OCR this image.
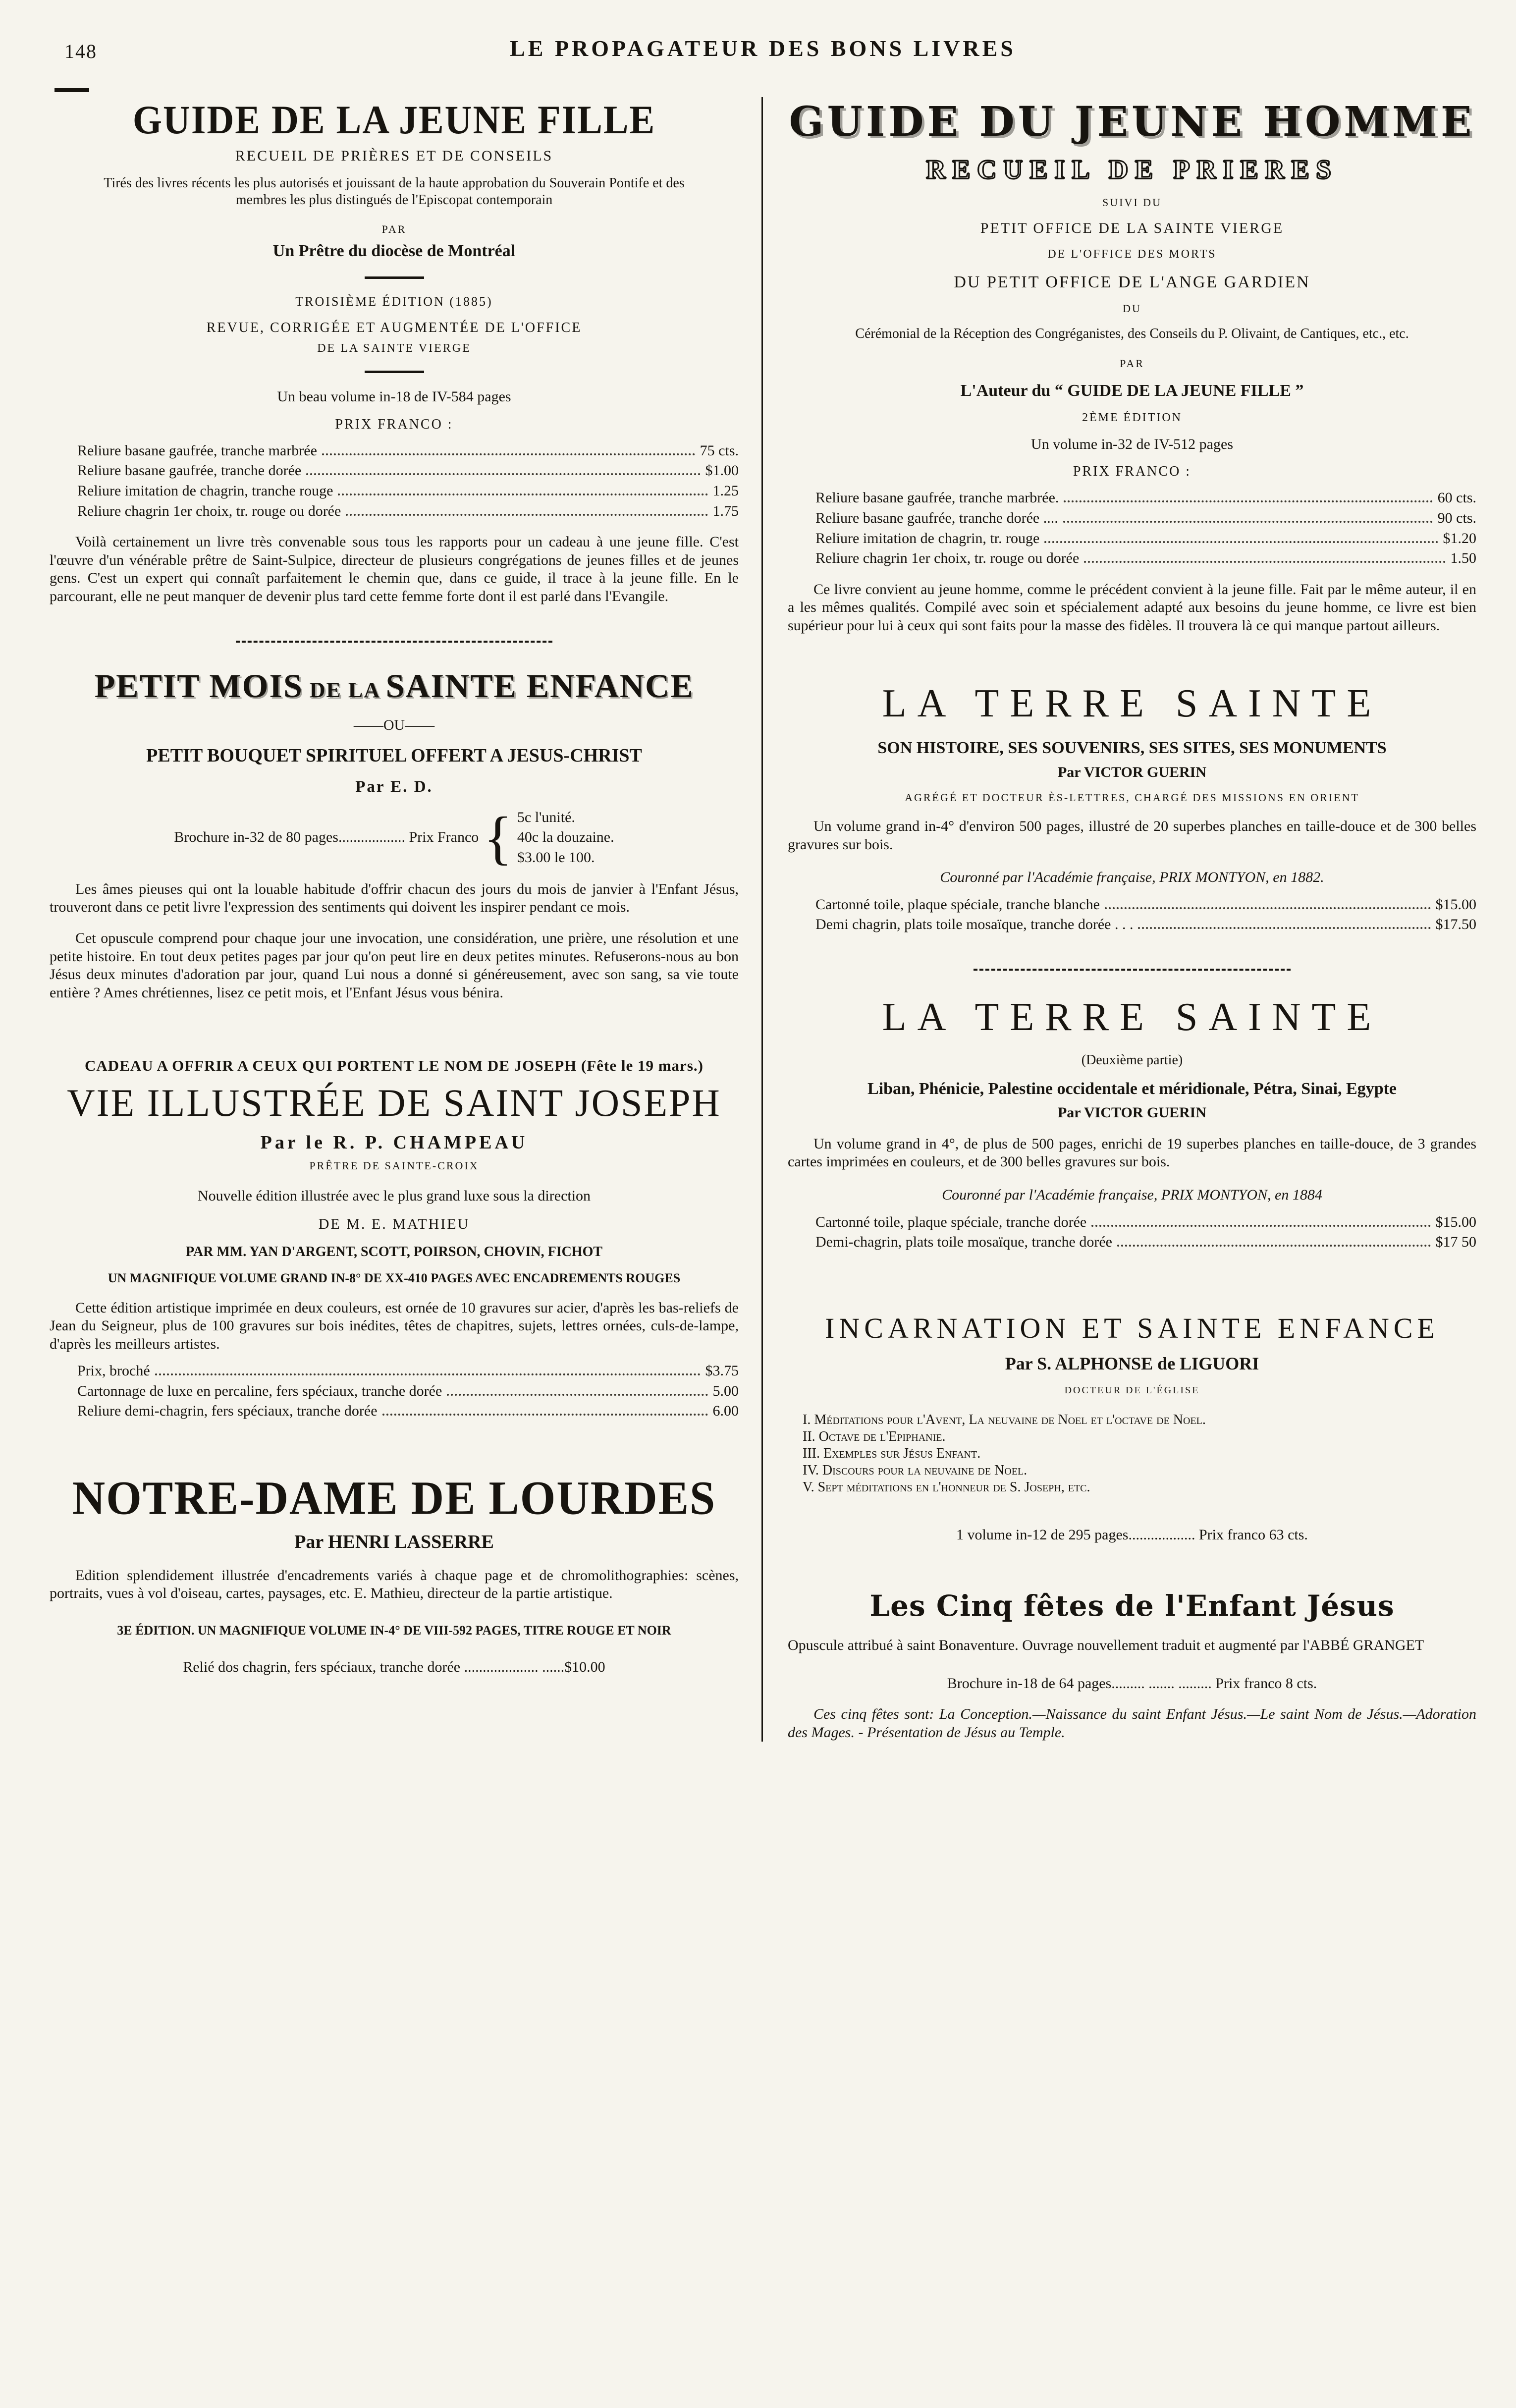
148	LE PROPAGATEUR DES BONS LIVRES
GUIDE DE LA JEUNE FILLE
RECUEIL DE PRIÈRES ET DE CONSEILS

Tirés des livres récents les plus autorisés et jouissant de la haute approbation du Souverain Pontife et des membres les plus distingués de l'Episcopat contemporain

PAR
Un Prêtre du diocèse de Montréal
TROISIÈME ÉDITION (1885)
REVUE, CORRIGÉE ET AUGMENTÉE DE L'OFFICE
DE LA SAINTE VIERGE
Un beau volume in-18 de IV-584 pages
PRIX FRANCO :
Reliure basane gaufrée, tranche marbrée	75 cts.
Reliure basane gaufrée, tranche dorée	$1.00
Reliure imitation de chagrin, tranche rouge	1.25
Reliure chagrin 1er choix, tr. rouge ou dorée	1.75

Voilà certainement un livre très convenable sous tous les rapports pour un cadeau à une jeune fille. C'est l'œuvre d'un vénérable prêtre de Saint-Sulpice, directeur de plusieurs congrégations de jeunes filles et de jeunes gens. C'est un expert qui connaît parfaitement le chemin que, dans ce guide, il trace à la jeune fille. En le parcourant, elle ne peut manquer de devenir plus tard cette femme forte dont il est parlé dans l'Evangile.

PETIT MOIS DE LA SAINTE ENFANCE
——OU——
PETIT BOUQUET SPIRITUEL OFFERT A JESUS-CHRIST
Par E. D.
Brochure in-32 de 80 pages.................. Prix Franco { 5c l'unité.
40c la douzaine.
$3.00 le 100.

Les âmes pieuses qui ont la louable habitude d'offrir chacun des jours du mois de janvier à l'Enfant Jésus, trouveront dans ce petit livre l'expression des sentiments qui doivent les inspirer pendant ce mois.

Cet opuscule comprend pour chaque jour une invocation, une considération, une prière, une résolution et une petite histoire. En tout deux petites pages par jour qu'on peut lire en deux petites minutes. Refuserons-nous au bon Jésus deux minutes d'adoration par jour, quand Lui nous a donné si généreusement, avec son sang, sa vie toute entière ? Ames chrétiennes, lisez ce petit mois, et l'Enfant Jésus vous bénira.

CADEAU A OFFRIR A CEUX QUI PORTENT LE NOM DE JOSEPH (Fête le 19 mars.)
VIE ILLUSTRÉE DE SAINT JOSEPH
Par le R. P. CHAMPEAU
PRÊTRE DE SAINTE-CROIX
Nouvelle édition illustrée avec le plus grand luxe sous la direction
DE M. E. MATHIEU
PAR MM. YAN D'ARGENT, SCOTT, POIRSON, CHOVIN, FICHOT
UN MAGNIFIQUE VOLUME GRAND IN-8° DE XX-410 PAGES AVEC ENCADREMENTS ROUGES

Cette édition artistique imprimée en deux couleurs, est ornée de 10 gravures sur acier, d'après les bas-reliefs de Jean du Seigneur, plus de 100 gravures sur bois inédites, têtes de chapitres, sujets, lettres ornées, culs-de-lampe, d'après les meilleurs artistes.

Prix, broché	$3.75
Cartonnage de luxe en percaline, fers spéciaux, tranche dorée	5.00
Reliure demi-chagrin, fers spéciaux, tranche dorée	6.00
NOTRE-DAME DE LOURDES
Par HENRI LASSERRE

Edition splendidement illustrée d'encadrements variés à chaque page et de chromolithographies: scènes, portraits, vues à vol d'oiseau, cartes, paysages, etc. E. Mathieu, directeur de la partie artistique.

3E ÉDITION. UN MAGNIFIQUE VOLUME IN-4° DE VIII-592 PAGES, TITRE ROUGE ET NOIR
Relié dos chagrin, fers spéciaux, tranche dorée .................... ......$10.00
GUIDE DU JEUNE HOMME
RECUEIL DE PRIERES
SUIVI DU
PETIT OFFICE DE LA SAINTE VIERGE
DE L'OFFICE DES MORTS
DU PETIT OFFICE DE L'ANGE GARDIEN
DU

Cérémonial de la Réception des Congréganistes, des Conseils du P. Olivaint, de Cantiques, etc., etc.

PAR
L'Auteur du “ GUIDE DE LA JEUNE FILLE ”
2ÈME ÉDITION
Un volume in-32 de IV-512 pages
PRIX FRANCO :
Reliure basane gaufrée, tranche marbrée.	60 cts.
Reliure basane gaufrée, tranche dorée ....	90 cts.
Reliure imitation de chagrin, tr. rouge	$1.20
Reliure chagrin 1er choix, tr. rouge ou dorée	1.50

Ce livre convient au jeune homme, comme le précédent convient à la jeune fille. Fait par le même auteur, il en a les mêmes qualités. Compilé avec soin et spécialement adapté aux besoins du jeune homme, ce livre est bien supérieur pour lui à ceux qui sont faits pour la masse des fidèles. Il trouvera là ce qui manque partout ailleurs.

LA TERRE SAINTE
SON HISTOIRE, SES SOUVENIRS, SES SITES, SES MONUMENTS
Par VICTOR GUERIN
AGRÉGÉ ET DOCTEUR ÈS-LETTRES, CHARGÉ DES MISSIONS EN ORIENT

Un volume grand in-4° d'environ 500 pages, illustré de 20 superbes planches en taille-douce et de 300 belles gravures sur bois.

Couronné par l'Académie française, PRIX MONTYON, en 1882.
Cartonné toile, plaque spéciale, tranche blanche	$15.00
Demi chagrin, plats toile mosaïque, tranche dorée . . .	$17.50
LA TERRE SAINTE
(Deuxième partie)
Liban, Phénicie, Palestine occidentale et méridionale, Pétra, Sinai, Egypte
Par VICTOR GUERIN

Un volume grand in 4°, de plus de 500 pages, enrichi de 19 superbes planches en taille-douce, de 3 grandes cartes imprimées en couleurs, et de 300 belles gravures sur bois.

Couronné par l'Académie française, PRIX MONTYON, en 1884
Cartonné toile, plaque spéciale, tranche dorée	$15.00
Demi-chagrin, plats toile mosaïque, tranche dorée	$17 50
INCARNATION ET SAINTE ENFANCE
Par S. ALPHONSE de LIGUORI
DOCTEUR DE L'ÉGLISE
I. Méditations pour l'Avent, La neuvaine de Noel et l'octave de Noel.
II. Octave de l'Epiphanie.
III. Exemples sur Jésus Enfant.
IV. Discours pour la neuvaine de Noel.
V. Sept méditations en l'honneur de S. Joseph, etc.
1 volume in-12 de 295 pages.................. Prix franco 63 cts.
Les Cinq fêtes de l'Enfant Jésus

Opuscule attribué à saint Bonaventure. Ouvrage nouvellement traduit et augmenté par l'ABBÉ GRANGET

Brochure in-18 de 64 pages......... ....... ......... Prix franco 8 cts.

Ces cinq fêtes sont: La Conception.—Naissance du saint Enfant Jésus.—Le saint Nom de Jésus.—Adoration des Mages. - Présentation de Jésus au Temple.
